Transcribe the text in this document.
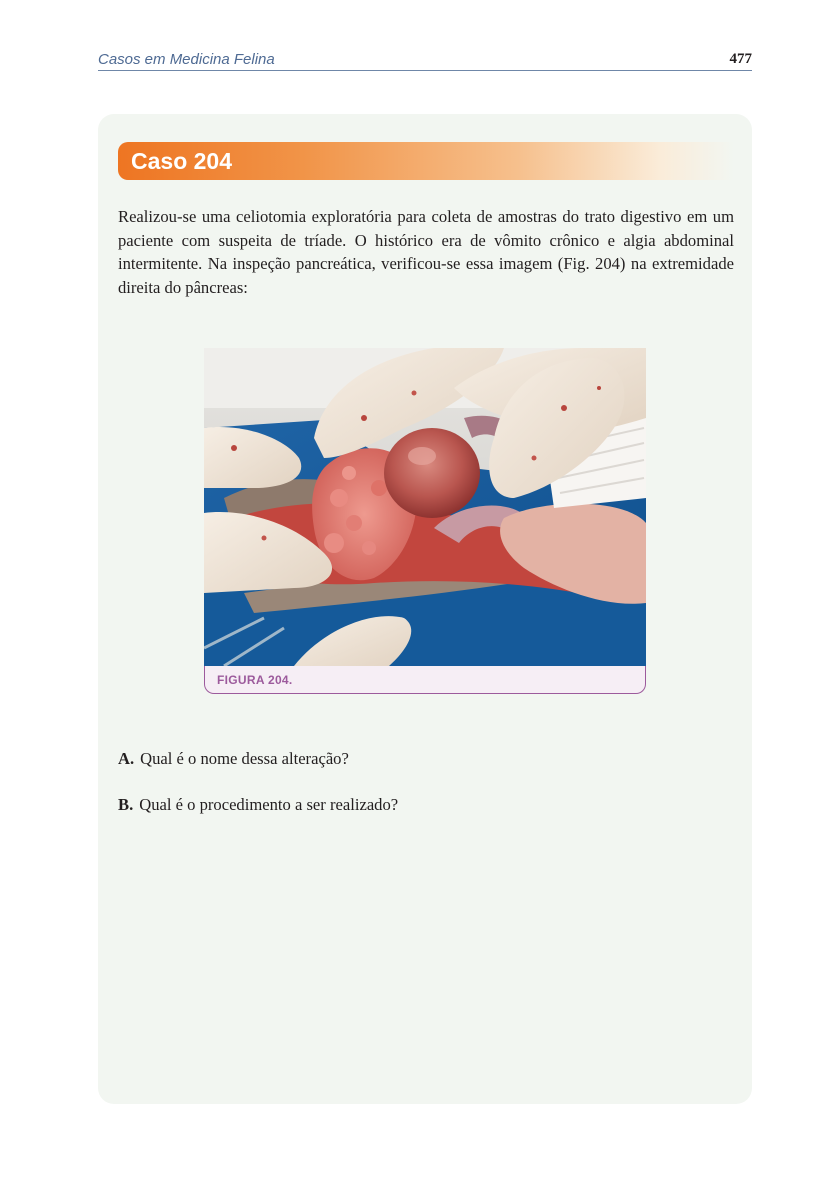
Casos em Medicina Felina	477
Caso 204

Realizou-se uma celiotomia exploratória para coleta de amostras do trato digestivo em um paciente com suspeita de tríade. O histórico era de vômito crônico e algia abdominal intermitente. Na inspeção pancreática, verificou-se essa imagem (Fig. 204) na extremidade direita do pâncreas:

FIGURA 204.
A. Qual é o nome dessa alteração?
B. Qual é o procedimento a ser realizado?
